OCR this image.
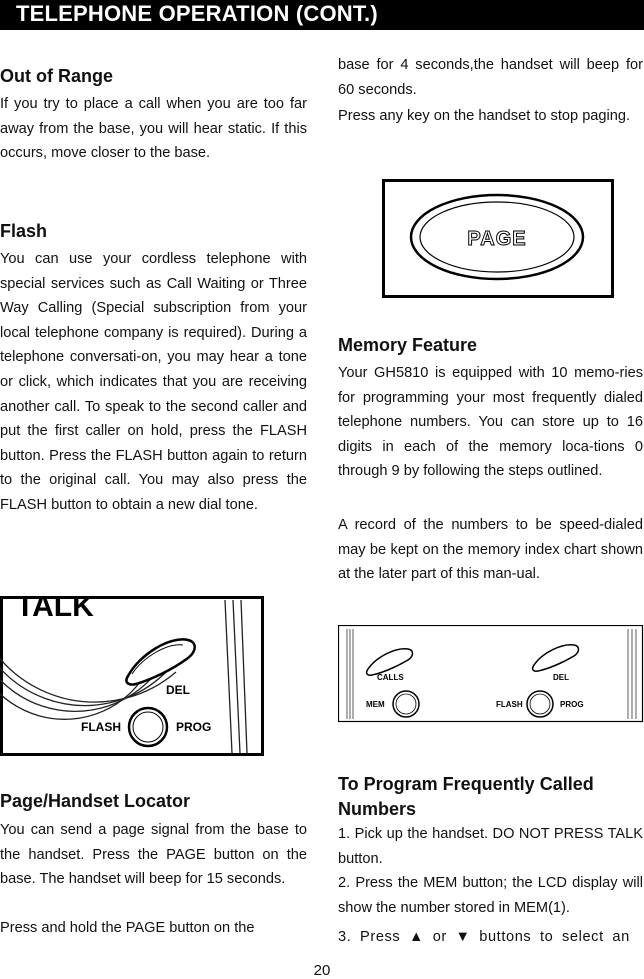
TELEPHONE OPERATION (CONT.)
Out of Range

If you try to place a call when you are too far away from the base, you will hear static. If this occurs, move closer to the base.

Flash

You can use your cordless telephone with special services such as Call Waiting or Three Way Calling (Special subscription from your local telephone company is required). During a telephone conversati-on, you may hear a tone or click, which indicates that you are receiving another call. To speak to the second caller and put the first caller on hold, press the FLASH button. Press the FLASH button again to return to the original call. You may also press the FLASH button to obtain a new dial tone.

TALK
DEL
FLASH	PROG
Page/Handset Locator

You can send a page signal from the base to the handset. Press the PAGE button on the base. The handset will beep for 15 seconds.

Press and hold the PAGE button on the

base for 4 seconds,the handset will beep for 60 seconds.

Press any key on the handset to stop paging.

PAGE
Memory Feature

Your GH5810 is equipped with 10 memo-ries for programming your most frequently dialed telephone numbers. You can store up to 16 digits in each of the memory loca-tions 0 through 9 by following the steps outlined.

A record of the numbers to be speed-dialed may be kept on the memory index chart shown at the later part of this man-ual.

CALLS	DEL
MEM	FLASH	PROG
To Program Frequently Called Numbers

1. Pick up the handset. DO NOT PRESS TALK button.

2. Press the MEM button; the LCD display will show the number stored in MEM(1).

3. Press ▲ or ▼ buttons to select an

20
